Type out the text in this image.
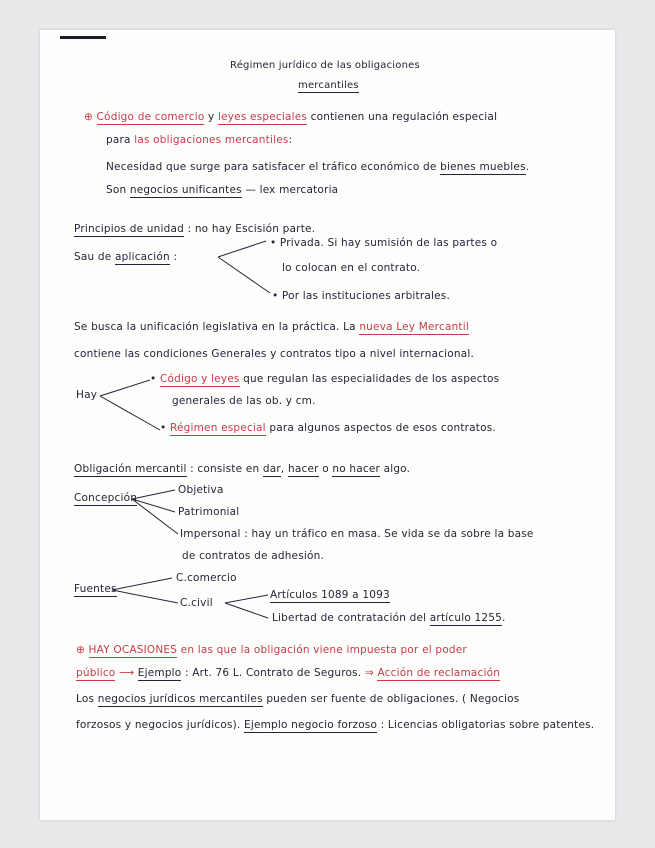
Régimen jurídico de las obligaciones
mercantiles
⊕ Código de comercio y leyes especiales contienen una regulación especial
para las obligaciones mercantiles:
Necesidad que surge para satisfacer el tráfico económico de bienes muebles.
Son negocios unificantes — lex mercatoria
Principios de unidad : no hay Escisión parte.
Sau de aplicación :
• Privada. Si hay sumisión de las partes o
lo colocan en el contrato.
• Por las instituciones arbitrales.
Se busca la unificación legislativa en la práctica. La nueva Ley Mercantil
contiene las condiciones Generales y contratos tipo a nivel internacional.
Hay
• Código y leyes que regulan las especialidades de los aspectos
generales de las ob. y cm.
• Régimen especial para algunos aspectos de esos contratos.
Obligación mercantil : consiste en dar, hacer o no hacer algo.
Concepción
Objetiva
Patrimonial
Impersonal : hay un tráfico en masa. Se vida se da sobre la base
de contratos de adhesión.
Fuentes
C.comercio
C.civil
Artículos 1089 a 1093
Libertad de contratación del artículo 1255.
⊕ HAY OCASIONES en las que la obligación viene impuesta por el poder
público ⟶ Ejemplo : Art. 76 L. Contrato de Seguros. ⇒ Acción de reclamación
Los negocios jurídicos mercantiles pueden ser fuente de obligaciones. ( Negocios
forzosos y negocios jurídicos). Ejemplo negocio forzoso : Licencias obligatorias sobre patentes.
